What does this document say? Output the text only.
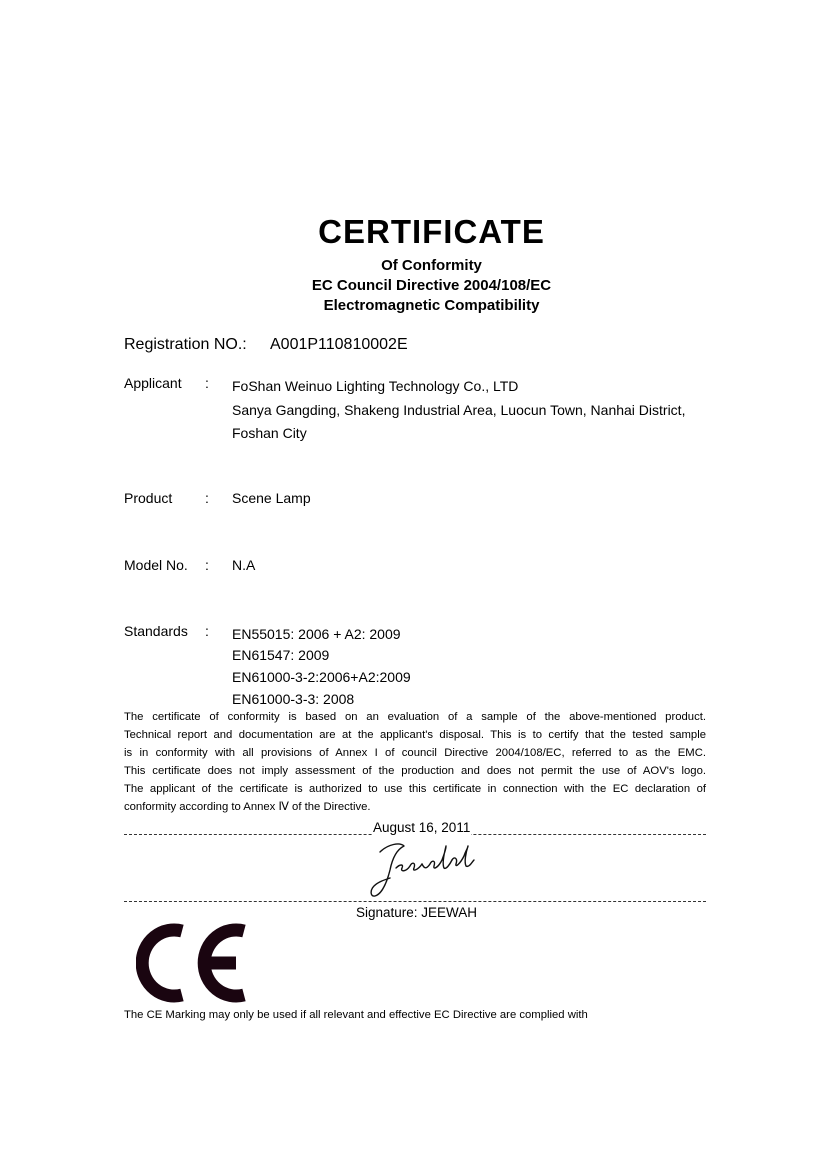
CERTIFICATE
Of Conformity
EC Council Directive 2004/108/EC
Electromagnetic Compatibility
Registration NO.: A001P110810002E
Applicant : FoShan Weinuo Lighting Technology Co., LTD
Sanya Gangding, Shakeng Industrial Area, Luocun Town, Nanhai District,
Foshan City
Product : Scene Lamp
Model No. : N.A
Standards : EN55015: 2006 + A2: 2009
EN61547: 2009
EN61000-3-2:2006+A2:2009
EN61000-3-3: 2008
The certificate of conformity is based on an evaluation of a sample of the above-mentioned product.
Technical report and documentation are at the applicant's disposal. This is to certify that the tested sample
is in conformity with all provisions of Annex I of council Directive 2004/108/EC, referred to as the EMC.
This certificate does not imply assessment of the production and does not permit the use of AOV's logo.
The applicant of the certificate is authorized to use this certificate in connection with the EC declaration of
conformity according to Annex Ⅳ of the Directive.
August 16, 2011
Signature: JEEWAH
The CE Marking may only be used if all relevant and effective EC Directive are complied with
